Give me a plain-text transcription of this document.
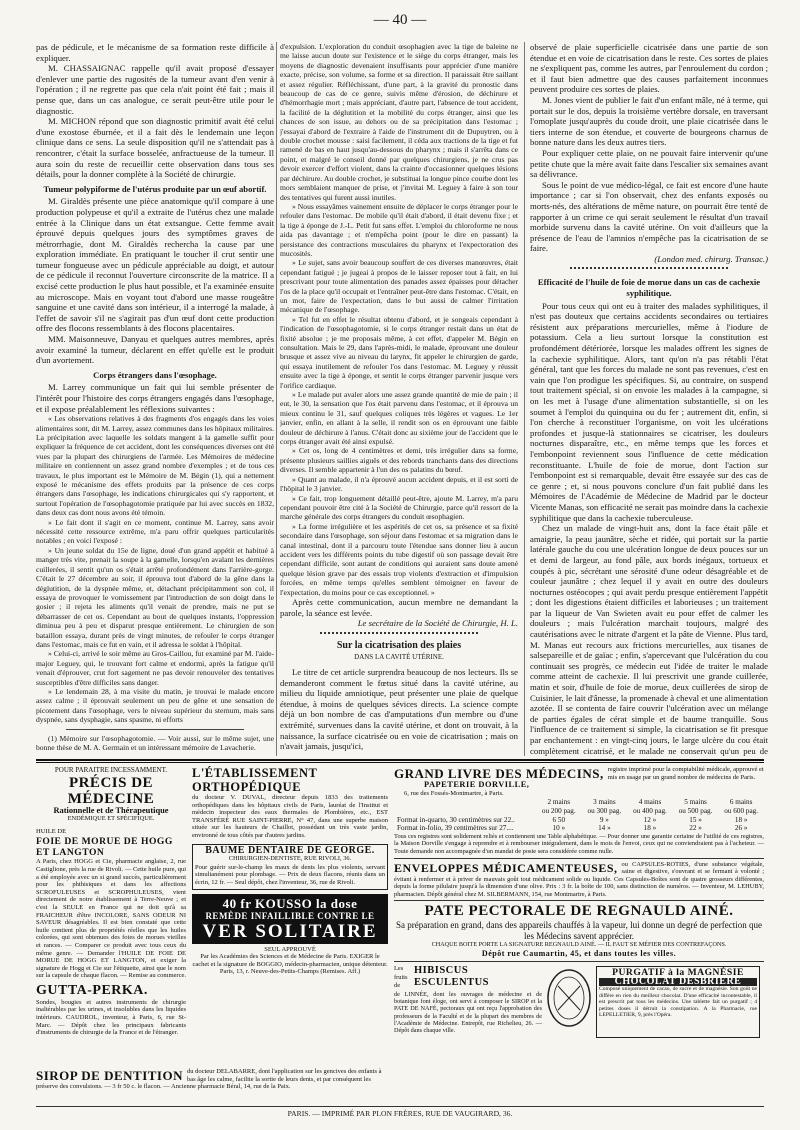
— 40 —

pas de pédicule, et le mécanisme de sa formation reste difficile à expliquer.

M. CHASSAIGNAC rappelle qu'il avait proposé d'essayer d'enlever une partie des rugosités de la tumeur avant d'en venir à l'opération ; il ne regrette pas que cela n'ait point été fait ; mais il pense que, dans un cas analogue, ce serait peut-être utile pour le diagnostic.

M. MICHON répond que son diagnostic primitif avait été celui d'une exostose éburnée, et il a fait dès le lendemain une leçon clinique dans ce sens. La seule disposition qu'il ne s'attendait pas à rencontrer, c'était la surface bosselée, anfractueuse de la tumeur. Il aura soin du reste de recueillir cette observation dans tous ses détails, pour la donner complète à la Société de chirurgie.

Tumeur polypiforme de l'utérus produite par un œuf abortif.

M. Giraldès présente une pièce anatomique qu'il compare à une production polypeuse et qu'il a extraite de l'utérus chez une malade entrée à la Clinique dans un état extsangue. Cette femme avait éprouvé depuis quelques jours des symptômes graves de métrorrhagie, dont M. Giraldès rechercha la cause par une exploration immédiate. En pratiquant le toucher il crut sentir une tumeur fongueuse avec un pédicule appréciable au doigt, et autour de ce pédicule il reconnut l'ouverture circonscrite de la matrice. Il a excisé cette production le plus haut possible, et l'a examinée ensuite au microscope. Mais en voyant tout d'abord une masse rougeâtre sanguine et une cavité dans son intérieur, il a interrogé la malade, à l'effet de savoir s'il ne s'agirait pas d'un œuf dont cette production offre des flocons ressemblants à des flocons placentaires.

MM. Maisonneuve, Danyau et quelques autres membres, après avoir examiné la tumeur, déclarent en effet qu'elle est le produit d'un avortement.

Corps étrangers dans l'œsophage.

M. Larrey communique un fait qui lui semble présenter de l'intérêt pour l'histoire des corps étrangers engagés dans l'œsophage, et il expose préalablement les réflexions suivantes :

« Les observations relatives à des fragments d'os engagés dans les voies alimentaires sont, dit M. Larrey, assez communes dans les hôpitaux militaires. La précipitation avec laquelle les soldats mangent à la gamelle suffit pour expliquer la fréquence de cet accident, dont les conséquences diverses ont été vues par la plupart des chirurgiens de l'armée. Les Mémoires de médecine militaire en contiennent un assez grand nombre d'exemples ; et de tous ces travaux, le plus important est le Mémoire de M. Bégin (1), qui a nettement exposé le mécanisme des effets produits par la présence de ces corps étrangers dans l'œsophage, les indications chirurgicales qui s'y rapportent, et surtout l'opération de l'œsophagotomie pratiquée par lui avec succès en 1832, dans deux cas dont nous avons été témoin.

» Le fait dont il s'agit en ce moment, continue M. Larrey, sans avoir nécessité cette ressource extrême, m'a paru offrir quelques particularités notables ; en voici l'exposé :

» Un jeune soldat du 15e de ligne, doué d'un grand appétit et habitué à manger très vite, prenait la soupe à la gamelle, lorsqu'en avalant les dernières cuillerées, il sentit qu'un os s'était arrêté profondément dans l'arrière-gorge. C'était le 27 décembre au soir, il éprouva tout d'abord de la gêne dans la déglutition, de la dyspnée même, et, détachant précipitamment son col, il essaya de provoquer le vomissement par l'introduction de son doigt dans le gosier ; il rejeta les aliments qu'il venait de prendre, mais ne put se débarrasser de cet os. Cependant au bout de quelques instants, l'oppression diminua peu à peu et disparut presque entièrement. Le chirurgien de son bataillon essaya, durant près de vingt minutes, de refouler le corps étranger dans l'estomac, mais ce fut en vain, et il adressa le soldat à l'hôpital.

» Celui-ci, arrivé le soir même au Gros-Caillou, fut examiné par M. l'aide-major Leguey, qui, le trouvant fort calme et endormi, après la fatigue qu'il venait d'éprouver, crut fort sagement ne pas devoir renouveler des tentatives susceptibles d'être difficiles sans danger.

» Le lendemain 28, à ma visite du matin, je trouvai le malade encore assez calme ; il éprouvait seulement un peu de gêne et une sensation de picotement dans l'œsophage, vers le niveau supérieur du sternum, mais sans dyspnée, sans dysphagie, sans spasme, ni efforts

(1) Mémoire sur l'œsophagotomie. — Voir aussi, sur le même sujet, une bonne thèse de M. A. Germain et un intéressant mémoire de Lavacherie.

d'expulsion. L'exploration du conduit œsophagien avec la tige de baleine ne me laisse aucun doute sur l'existence et le siège du corps étranger, mais les moyens de diagnostic devenaient insuffisants pour apprécier d'une manière exacte, précise, son volume, sa forme et sa direction. Il paraissait être saillant et assez régulier. Réfléchissant, d'une part, à la gravité du pronostic dans beaucoup de cas de ce genre, suivis même d'érosion, de déchirure et d'hémorrhagie mort ; mais appréciant, d'autre part, l'absence de tout accident, la facilité de la déglutition et la mobilité du corps étranger, ainsi que les chances de son issue, au dehors ou de sa précipitation dans l'estomac ; j'essayai d'abord de l'extraire à l'aide de l'instrument dit de Dupuytren, ou à double crochet mousse : saisi facilement, il céda aux tractions de la tige et fut ramené de bas en haut jusqu'au-dessous du pharynx ; mais il s'arrêta dans ce point, et malgré le conseil donné par quelques chirurgiens, je ne crus pas devoir exercer d'effort violent, dans la crainte d'occasionner quelques lésions par déchirure. Au double crochet, je substituai la longue pince courbe dont les mors semblaient manquer de prise, et j'invitai M. Leguey à faire à son tour des tentatives qui furent aussi inutiles.

» Nous essayâmes vainement ensuite de déplacer le corps étranger pour le refouler dans l'estomac. De mobile qu'il était d'abord, il était devenu fixe ; et la tige à éponge de J.-L. Petit fut sans effet. L'emploi du chloroforme ne nous aida pas davantage ; et n'empêcha point (pour le dire en passant) la persistance des contractions musculaires du pharynx et l'expectoration des mucosités.

» Le sujet, sans avoir beaucoup souffert de ces diverses manœuvres, était cependant fatigué ; je jugeai à propos de le laisser reposer tout à fait, en lui prescrivant pour toute alimentation des panades assez épaisses pour détacher l'os de la place qu'il occupait et l'entraîner peut-être dans l'estomac. C'était, en un mot, faire de l'expectation, dans le but aussi de calmer l'irritation mécanique de l'œsophage.

» Tel fut en effet le résultat obtenu d'abord, et je songeais cependant à l'indication de l'œsophagotomie, si le corps étranger restait dans un état de fixité absolue ; je me proposais même, à cet effet, d'appeler M. Bégin en consultation. Mais le 29, dans l'après-midi, le malade, éprouvant une douleur brusque et assez vive au niveau du larynx, fit appeler le chirurgien de garde, qui essaya inutilement de refouler l'os dans l'estomac. M. Leguey y réussit ensuite avec la tige à éponge, et sentit le corps étranger parvenir jusque vers l'orifice cardiaque.

» Le malade put avaler alors une assez grande quantité de mie de pain ; il eut, le 30, la sensation que l'os était parvenu dans l'estomac, et il éprouva un mieux continu le 31, sauf quelques coliques très légères et vagues. Le 1er janvier, enfin, en allant à la selle, il rendit son os en éprouvant une faible douleur de déchirure à l'anus. C'était donc au sixième jour de l'accident que le corps étranger avait été ainsi expulsé.

» Cet os, long de 4 centimètres et demi, très irrégulier dans sa forme, présente plusieurs saillies aiguës et des rebords tranchants dans des directions diverses. Il semble appartenir à l'un des os palatins du bœuf.

» Quant au malade, il n'a éprouvé aucun accident depuis, et il est sorti de l'hôpital le 3 janvier.

» Ce fait, trop longuement détaillé peut-être, ajoute M. Larrey, m'a paru cependant pouvoir être cité à la Société de Chirurgie, parce qu'il ressort de la marche générale des corps étrangers du conduit œsophagien.

» La forme irrégulière et les aspérités de cet os, sa présence et sa fixité secondaire dans l'œsophage, son séjour dans l'estomac et sa migration dans le canal intestinal, dont il a parcouru toute l'étendue sans donner lieu à aucun accident vers les différents points du tube digestif où son passage devait être cependant difficile, sont autant de conditions qui auraient sans doute amené quelque lésion grave par des essais trop violents d'extraction et d'impulsion forcées, en même temps qu'elles semblent témoigner en faveur de l'expectation, du moins pour ce cas exceptionnel. »

Après cette communication, aucun membre ne demandant la parole, la séance est levée.

Le secrétaire de la Société de Chirurgie, H. L.

Sur la cicatrisation des plaies
DANS LA CAVITÉ UTÉRINE.

Le titre de cet article surprendra beaucoup de nos lecteurs. Ils se demanderont comment le fœtus situé dans la cavité utérine, au milieu du liquide amniotique, peut présenter une plaie de quelque étendue, à moins de quelques sévices directs. La science compte déjà un bon nombre de cas d'amputations d'un membre ou d'une extrémité, survenues dans la cavité utérine, et dont on trouvait, à la naissance, la surface cicatrisée ou en voie de cicatrisation ; mais on n'avait jamais, jusqu'ici,

observé de plaie superficielle cicatrisée dans une partie de son étendue et en voie de cicatrisation dans le reste. Ces sortes de plaies ne s'expliquent pas, comme les autres, par l'enroulement du cordon ; et il faut bien admettre que des causes parfaitement inconnues peuvent produire ces sortes de plaies.

M. Jones vient de publier le fait d'un enfant mâle, né à terme, qui portait sur le dos, depuis la troisième vertèbre dorsale, en traversant l'omoplate jusqu'auprès du coude droit, une plaie cicatrisée dans le tiers interne de son étendue, et couverte de bourgeons charnus de bonne nature dans les deux autres tiers.

Pour expliquer cette plaie, on ne pouvait faire intervenir qu'une petite chute que la mère avait faite dans l'escalier six semaines avant sa délivrance.

Sous le point de vue médico-légal, ce fait est encore d'une haute importance ; car si l'on observait, chez des enfants exposés ou morts-nés, des altérations de même nature, on pourrait être tenté de rapporter à un crime ce qui serait seulement le résultat d'un travail morbide survenu dans la cavité utérine. On voit d'ailleurs que la présence de l'eau de l'amnios n'empêche pas la cicatrisation de se faire.

(London med. chirurg. Transac.)

Efficacité de l'huile de foie de morue dans un cas de cachexie syphilitique.

Pour tous ceux qui ont eu à traiter des malades syphilitiques, il n'est pas douteux que certains accidents secondaires ou tertiaires résistent aux préparations mercurielles, même à l'iodure de potassium. Cela a lieu surtout lorsque la constitution est profondément détériorée, lorsque les malades offrent les signes de la cachexie syphilitique. Alors, tant qu'on n'a pas rétabli l'état général, tant que les forces du malade ne sont pas revenues, c'est en vain que l'on prodigue les spécifiques. Si, au contraire, on suspend tout traitement spécial, si on envoie les malades à la campagne, si on les met à l'usage d'une alimentation substantielle, si on les soumet à l'emploi du quinquina ou du fer ; autrement dit, enfin, si l'on cherche à reconstituer l'organisme, on voit les ulcérations profondes et jusque-là stationnaires se cicatriser, les douleurs nocturnes disparaître, etc., en même temps que les forces et l'embonpoint reviennent sous l'influence de cette médication reconstituante. L'huile de foie de morue, dont l'action sur l'embonpoint est si remarquable, devait être essayée sur des cas de ce genre ; et, si nous pouvons conclure d'un fait publié dans les Mémoires de l'Académie de Médecine de Madrid par le docteur Vicente Manas, son efficacité ne serait pas moindre dans la cachexie syphilitique que dans la cachexie tuberculeuse.

Chez un malade de vingt-huit ans, dont la face était pâle et amaigrie, la peau jaunâtre, sèche et ridée, qui portait sur la partie latérale gauche du cou une ulcération longue de deux pouces sur un et demi de largeur, au fond pâle, aux bords inégaux, tortueux et coupés à pic, sécrétant une sérosité d'une odeur désagréable et de couleur jaunâtre ; chez lequel il y avait en outre des douleurs nocturnes ostéocopes ; qui avait perdu presque entièrement l'appétit ; dont les digestions étaient difficiles et laborieuses ; un traitement par la liqueur de Van Swieten avait eu pour effet de calmer les douleurs ; mais l'ulcération marchait toujours, malgré des cautérisations avec le nitrate d'argent et la pâte de Vienne. Plus tard, M. Manas eut recours aux frictions mercurielles, aux tisanes de salsepareille et de gaïac ; enfin, s'apercevant que l'ulcération du cou continuait ses progrès, ce médecin eut l'idée de traiter le malade comme atteint de cachexie. Il lui prescrivit une grande cuillerée, matin et soir, d'huile de foie de morue, deux cuillerées de sirop de Cuisinier, le lait d'ânesse, la promenade à cheval et une alimentation azotée. Il se contenta de faire couvrir l'ulcération avec un mélange de parties égales de cérat simple et de baume tranquille. Sous l'influence de ce traitement si simple, la cicatrisation se fit presque par enchantement : en vingt-cinq jours, le large ulcère du cou était complètement cicatrisé, et le malade ne conservait qu'un peu de

POUR PARAITRE INCESSAMMENT.

PRÉCIS DE MÉDECINE

Rationnelle et de Thérapeutique

ENDÉMIQUE ET SPÉCIFIQUE.

HUILE DE

FOIE DE MORUE DE HOGG ET LANGTON

A Paris, chez HOGG et Cie, pharmacie anglaise, 2, rue Castiglione, près la rue de Rivoli. — Cette huile pure, qui a été employée avec un si grand succès, particulièrement pour les phthisiques et dans les affections SCROFULEUSES et SCROPHULEUSES, vient directement de notre établissement à Terre-Neuve ; et c'est la SEULE en France qui ne doit qu'à sa FRAICHEUR d'être INCOLORE, SANS ODEUR NI SAVEUR désagréables. Il est bien constaté que cette huile contient plus de propriétés réelles que les huiles colorées, qui sont obtenues des foies de morues vieilles et rances. — Comparer ce produit avec tous ceux du même genre. — Demander l'HUILE DE FOIE DE MORUE DE HOGG ET LANGTON, et exiger la signature de Hogg et Cie sur l'étiquette, ainsi que le nom sur la capsule de chaque flacon. — Remise au commerce.

GUTTA-PERKA.

Sondes, bougies et autres instruments de chirurgie inaltérables par les urines, et insolubles dans les liquides intérieurs. CAUDROL, inventeur, à Paris, 6, rue St-Marc. — Dépôt chez les principaux fabricants d'instruments de chirurgie de la France et de l'étranger.

SIROP DE DENTITION du docteur DELABARRE, dont l'application sur les gencives des enfants à bas âge les calme, facilite la sortie de leurs dents, et par conséquent les préserve des convulsions. — 3 fr 50 c. le flacon. — Ancienne pharmacie Béral, 14, rue de la Paix.

L'ÉTABLISSEMENT ORTHOPÉDIQUE

du docteur V. DUVAL, directeur depuis 1833 des traitements orthopédiques dans les hôpitaux civils de Paris, lauréat de l'Institut et médecin inspecteur des eaux thermales de Plombières, etc., EST TRANSFÉRÉ RUE SAINT-PIERRE, N° 47, dans une superbe maison située sur les hauteurs de Chaillot, possédant un très vaste jardin, environné de tous côtés par d'autres jardins.

BAUME DENTAIRE DE GEORGE.

CHIRURGIEN-DENTISTE, RUE RIVOLI, 36.

Pour guérir sur-le-champ les maux de dents les plus violents, servant simultanément pour plombage. — Prix de deux flacons, réunis dans un écrin, 12 fr. — Seul dépôt, chez l'inventeur, 36, rue de Rivoli.

40 fr KOUSSO la dose

REMÈDE INFAILLIBLE CONTRE LE

VER SOLITAIRE

SEUL APPROUVÉ
Par les Académies des Sciences et de Médecine de Paris. EXIGER le cachet et la signature de BOGGIO, médecin-pharmacien, unique détenteur. Paris, 13, r. Neuve-des-Petits-Champs (Remises. Aff.)

GRAND LIVRE DES MÉDECINS, registre imprimé pour la comptabilité médicale, approuvé et mis en usage par un grand nombre de médecins de Paris.

PAPETERIE DORVILLE,

6, rue des Fossés-Montmartre, à Paris.

	2 mains	3 mains	4 mains	5 mains	6 mains
	ou 200 pag.	ou 300 pag.	ou 400 pag.	ou 500 pag.	ou 600 pag.
Format in-quarto, 30 centimètres sur 22..	6 50	9 »	12 »	15 »	18 »
Format in-folio, 39 centimètres sur 27....	10 »	14 »	18 »	22 »	26 »

Tous ces registres sont solidement reliés et contiennent une Table alphabétique. — Pour donner une garantie certaine de l'utilité de ces registres, la Maison Dorville s'engage à reprendre et à rembourser intégralement, dans le mois de l'envoi, ceux qui ne conviendraient pas à l'acheteur. — Toute demande non accompagnée d'un mandat de poste sera considérée comme nulle.

ENVELOPPES MÉDICAMENTEUSES, ou CAPSULES-ROTIES, d'une substance végétale, saine et digestive, s'ouvrant et se fermant à volonté ; évitant à renfermer et à priver de mauvais goût tout médicament solide ou liquide. Ces Capsules-Boîtes sont de quatre grosseurs différentes, depuis la forme pilulaire jusqu'à la dimension d'une olive. Prix : 3 fr. la boîte de 100, sans distinction de numéros. — Inventeur, M. LEHUBY, pharmacien. Dépôt général chez M. SILBERMANN, 154, rue Montmartre, à Paris.

PATE PECTORALE DE REGNAULD AINÉ.

Sa préparation en grand, dans des appareils chauffés à la vapeur, lui donne un degré de perfection que les Médecins savent apprécier.

CHAQUE BOITE PORTE LA SIGNATURE REGNAULD AINÉ. — IL FAUT SE MÉFIER DES CONTREFAÇONS.

Dépôt rue Caumartin, 45, et dans toutes les villes.

Les fruits de

HIBISCUS ESCULENTUS

de LINNÉE, dont les ouvrages de médecine et de botanique font éloge, ont servi à composer le SIROP et la PATE DE NAFÉ, pectoraux qui ont reçu l'approbation des professeurs de la Faculté et de la plupart des membres de l'Académie de Médecine. Entrepôt, rue Richelieu, 26. — Dépôt dans chaque ville.

PURGATIF à la MAGNÉSIE

CHOCOLAT DESBRIÈRE

Composé uniquement de cacao, de sucre et de magnésie. Son goût ne diffère en rien du meilleur chocolat. D'une efficacité incontestable, il est prescrit par tous les médecins. Une tablette fait un purgatif ; 4 petites doses il détruit la constipation. A la Pharmacie, rue LEPELLETIER, 9, près l'Opéra.

PARIS. — IMPRIMÉ PAR PLON FRÈRES, RUE DE VAUGIRARD, 36.
